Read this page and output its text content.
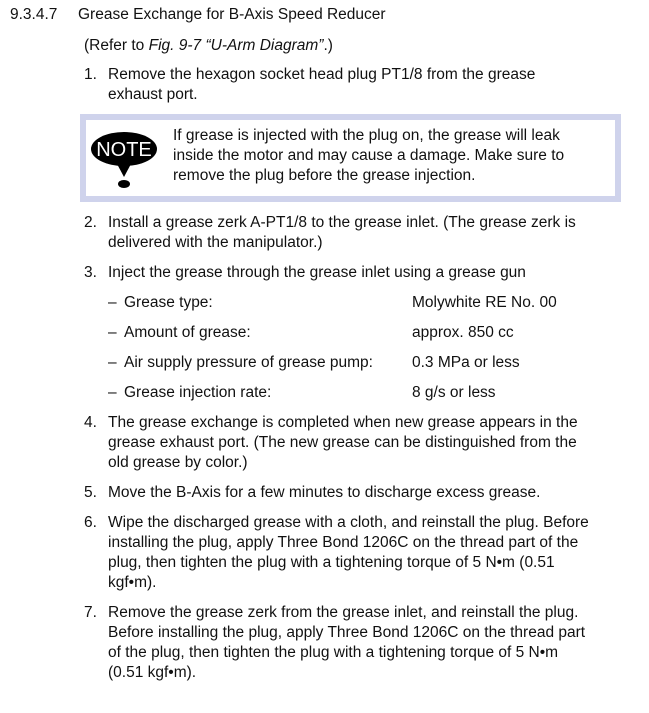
9.3.4.7 Grease Exchange for B-Axis Speed Reducer
(Refer to Fig. 9-7 “U-Arm Diagram”.)
1. Remove the hexagon socket head plug PT1/8 from the grease
exhaust port.
NOTE
If grease is injected with the plug on, the grease will leak
inside the motor and may cause a damage. Make sure to
remove the plug before the grease injection.
2. Install a grease zerk A-PT1/8 to the grease inlet. (The grease zerk is
delivered with the manipulator.)
3. Inject the grease through the grease inlet using a grease gun
– Grease type:	Molywhite RE No. 00
– Amount of grease:	approx. 850 cc
– Air supply pressure of grease pump:	0.3 MPa or less
– Grease injection rate:	8 g/s or less
4. The grease exchange is completed when new grease appears in the
grease exhaust port. (The new grease can be distinguished from the
old grease by color.)
5. Move the B-Axis for a few minutes to discharge excess grease.
6. Wipe the discharged grease with a cloth, and reinstall the plug. Before
installing the plug, apply Three Bond 1206C on the thread part of the
plug, then tighten the plug with a tightening torque of 5 N•m (0.51
kgf•m).
7. Remove the grease zerk from the grease inlet, and reinstall the plug.
Before installing the plug, apply Three Bond 1206C on the thread part
of the plug, then tighten the plug with a tightening torque of 5 N•m
(0.51 kgf•m).
